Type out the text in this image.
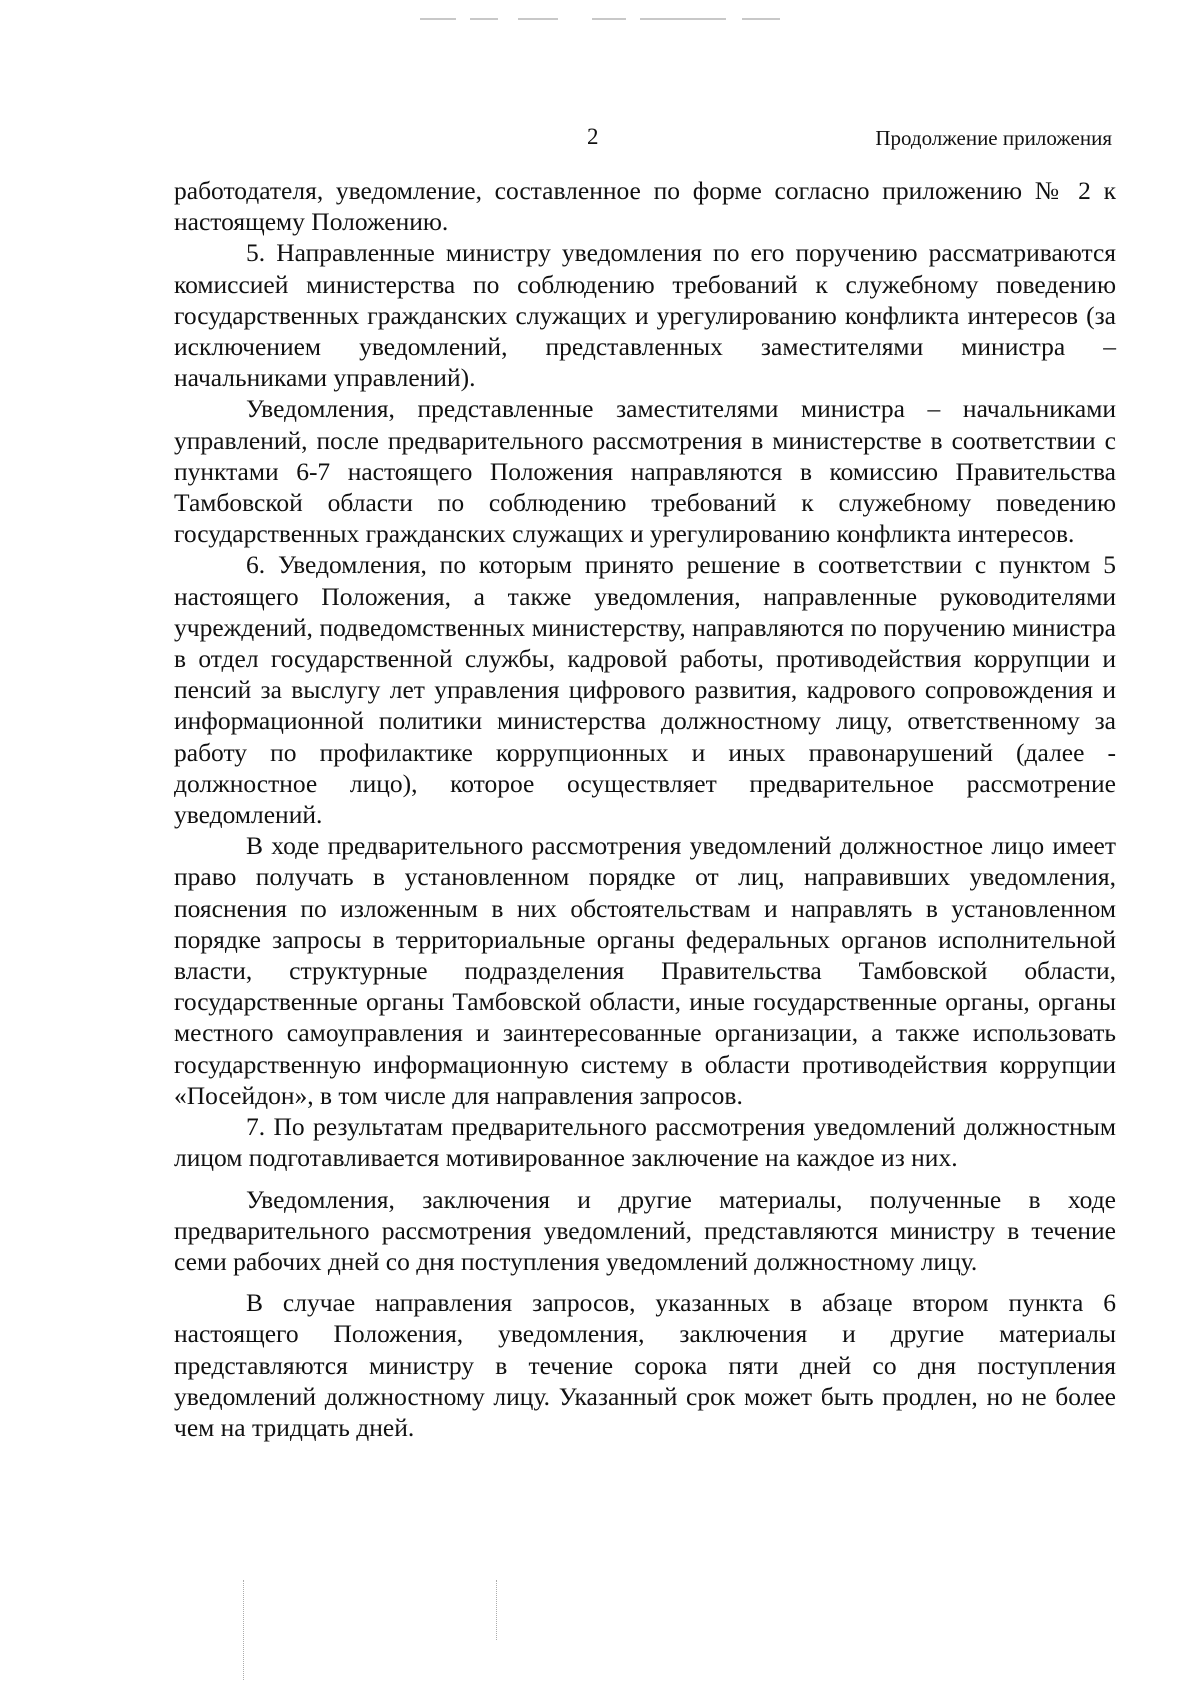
2	Продолжение приложения

работодателя, уведомление, составленное по форме согласно приложению № 2 к настоящему Положению.

5. Направленные министру уведомления по его поручению рассматриваются комиссией министерства по соблюдению требований к служебному поведению государственных гражданских служащих и урегулированию конфликта интересов (за исключением уведомлений, представленных заместителями министра – начальниками управлений).

Уведомления, представленные заместителями министра – начальниками управлений, после предварительного рассмотрения в министерстве в соответствии с пунктами 6-7 настоящего Положения направляются в комиссию Правительства Тамбовской области по соблюдению требований к служебному поведению государственных гражданских служащих и урегулированию конфликта интересов.

6. Уведомления, по которым принято решение в соответствии с пунктом 5 настоящего Положения, а также уведомления, направленные руководителями учреждений, подведомственных министерству, направляются по поручению министра в отдел государственной службы, кадровой работы, противодействия коррупции и пенсий за выслугу лет управления цифрового развития, кадрового сопровождения и информационной политики министерства должностному лицу, ответственному за работу по профилактике коррупционных и иных правонарушений (далее - должностное лицо), которое осуществляет предварительное рассмотрение уведомлений.

В ходе предварительного рассмотрения уведомлений должностное лицо имеет право получать в установленном порядке от лиц, направивших уведомления, пояснения по изложенным в них обстоятельствам и направлять в установленном порядке запросы в территориальные органы федеральных органов исполнительной власти, структурные подразделения Правительства Тамбовской области, государственные органы Тамбовской области, иные государственные органы, органы местного самоуправления и заинтересованные организации, а также использовать государственную информационную систему в области противодействия коррупции «Посейдон», в том числе для направления запросов.

7. По результатам предварительного рассмотрения уведомлений должностным лицом подготавливается мотивированное заключение на каждое из них.

Уведомления, заключения и другие материалы, полученные в ходе предварительного рассмотрения уведомлений, представляются министру в течение семи рабочих дней со дня поступления уведомлений должностному лицу.

В случае направления запросов, указанных в абзаце втором пункта 6 настоящего Положения, уведомления, заключения и другие материалы представляются министру в течение сорока пяти дней со дня поступления уведомлений должностному лицу. Указанный срок может быть продлен, но не более чем на тридцать дней.
